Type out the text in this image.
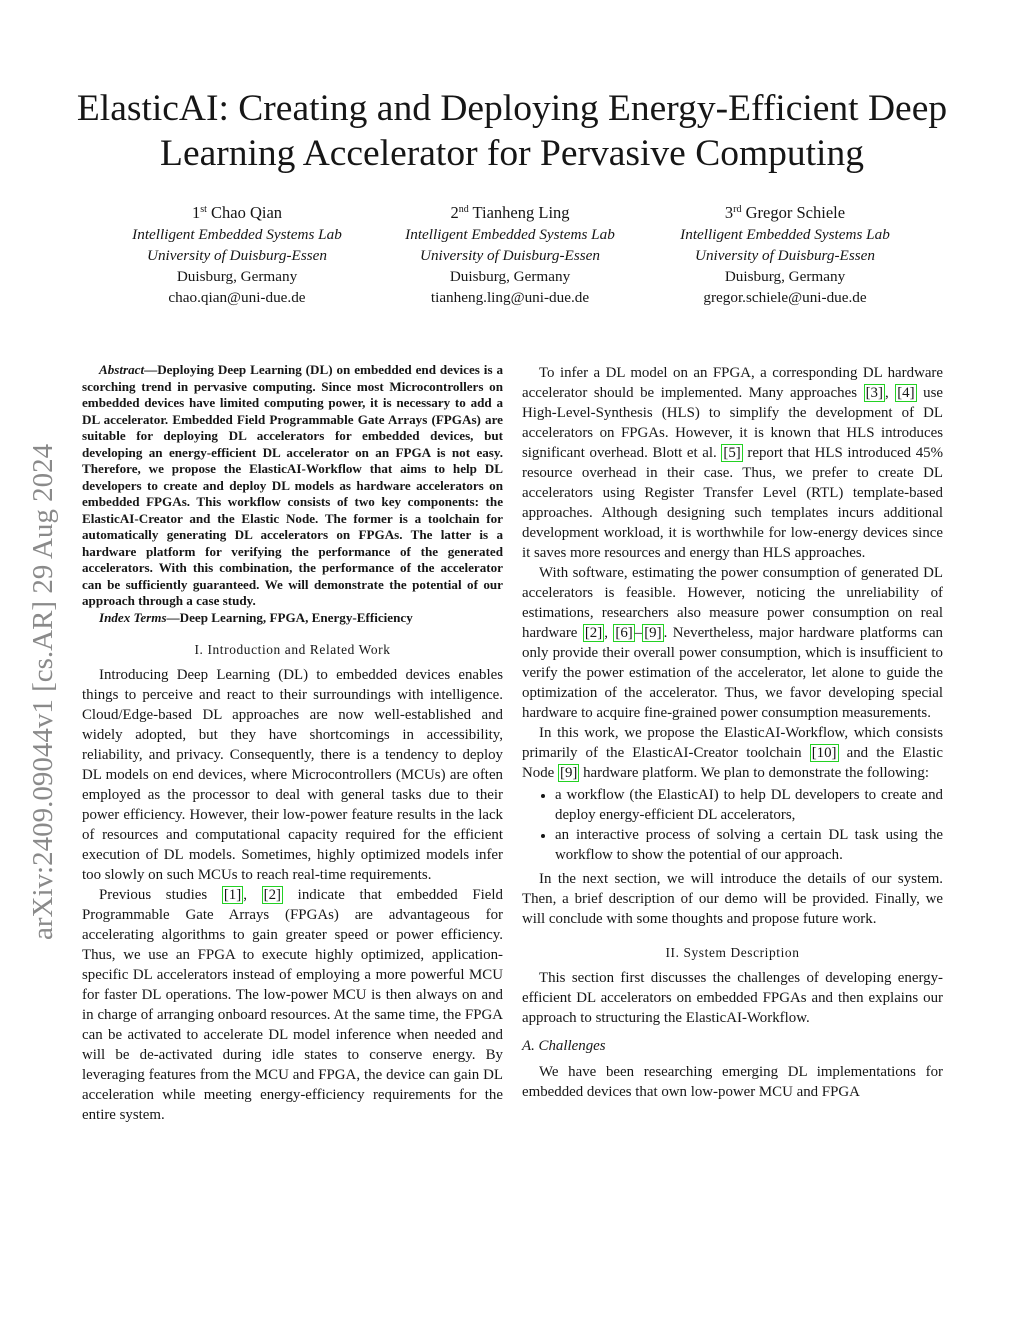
ElasticAI: Creating and Deploying Energy-Efficient Deep Learning Accelerator for Pervasive Computing
1st Chao Qian
Intelligent Embedded Systems Lab
University of Duisburg-Essen
Duisburg, Germany
chao.qian@uni-due.de
2nd Tianheng Ling
Intelligent Embedded Systems Lab
University of Duisburg-Essen
Duisburg, Germany
tianheng.ling@uni-due.de
3rd Gregor Schiele
Intelligent Embedded Systems Lab
University of Duisburg-Essen
Duisburg, Germany
gregor.schiele@uni-due.de
arXiv:2409.09044v1 [cs.AR] 29 Aug 2024

Abstract—Deploying Deep Learning (DL) on embedded end devices is a scorching trend in pervasive computing. Since most Microcontrollers on embedded devices have limited computing power, it is necessary to add a DL accelerator. Embedded Field Programmable Gate Arrays (FPGAs) are suitable for deploying DL accelerators for embedded devices, but developing an energy-efficient DL accelerator on an FPGA is not easy. Therefore, we propose the ElasticAI-Workflow that aims to help DL developers to create and deploy DL models as hardware accelerators on embedded FPGAs. This workflow consists of two key components: the ElasticAI-Creator and the Elastic Node. The former is a toolchain for automatically generating DL accelerators on FPGAs. The latter is a hardware platform for verifying the performance of the generated accelerators. With this combination, the performance of the accelerator can be sufficiently guaranteed. We will demonstrate the potential of our approach through a case study.

Index Terms—Deep Learning, FPGA, Energy-Efficiency

I. Introduction and Related Work

Introducing Deep Learning (DL) to embedded devices enables things to perceive and react to their surroundings with intelligence. Cloud/Edge-based DL approaches are now well-established and widely adopted, but they have shortcomings in accessibility, reliability, and privacy. Consequently, there is a tendency to deploy DL models on end devices, where Microcontrollers (MCUs) are often employed as the processor to deal with general tasks due to their power efficiency. However, their low-power feature results in the lack of resources and computational capacity required for the efficient execution of DL models. Sometimes, highly optimized models infer too slowly on such MCUs to reach real-time requirements.

Previous studies [1] , [2] indicate that embedded Field Programmable Gate Arrays (FPGAs) are advantageous for accelerating algorithms to gain greater speed or power efficiency. Thus, we use an FPGA to execute highly optimized, application-specific DL accelerators instead of employing a more powerful MCU for faster DL operations. The low-power MCU is then always on and in charge of arranging onboard resources. At the same time, the FPGA can be activated to accelerate DL model inference when needed and will be de-activated during idle states to conserve energy. By leveraging features from the MCU and FPGA, the device can gain DL acceleration while meeting energy-efficiency requirements for the entire system.

To infer a DL model on an FPGA, a corresponding DL hardware accelerator should be implemented. Many approaches [3] , [4] use High-Level-Synthesis (HLS) to simplify the development of DL accelerators on FPGAs. However, it is known that HLS introduces significant overhead. Blott et al. [5] report that HLS introduced 45% resource overhead in their case. Thus, we prefer to create DL accelerators using Register Transfer Level (RTL) template-based approaches. Although designing such templates incurs additional development workload, it is worthwhile for low-energy devices since it saves more resources and energy than HLS approaches.

With software, estimating the power consumption of generated DL accelerators is feasible. However, noticing the unreliability of estimations, researchers also measure power consumption on real hardware [2] , [6] – [9] . Nevertheless, major hardware platforms can only provide their overall power consumption, which is insufficient to verify the power estimation of the accelerator, let alone to guide the optimization of the accelerator. Thus, we favor developing special hardware to acquire fine-grained power consumption measurements.

In this work, we propose the ElasticAI-Workflow, which consists primarily of the ElasticAI-Creator toolchain [10] and the Elastic Node [9] hardware platform. We plan to demonstrate the following:

• a workflow (the ElasticAI) to help DL developers to create and deploy energy-efficient DL accelerators,
• an interactive process of solving a certain DL task using the workflow to show the potential of our approach.

In the next section, we will introduce the details of our system. Then, a brief description of our demo will be provided. Finally, we will conclude with some thoughts and propose future work.

II. System Description

This section first discusses the challenges of developing energy-efficient DL accelerators on embedded FPGAs and then explains our approach to structuring the ElasticAI-Workflow.

A. Challenges

We have been researching emerging DL implementations for embedded devices that own low-power MCU and FPGA
